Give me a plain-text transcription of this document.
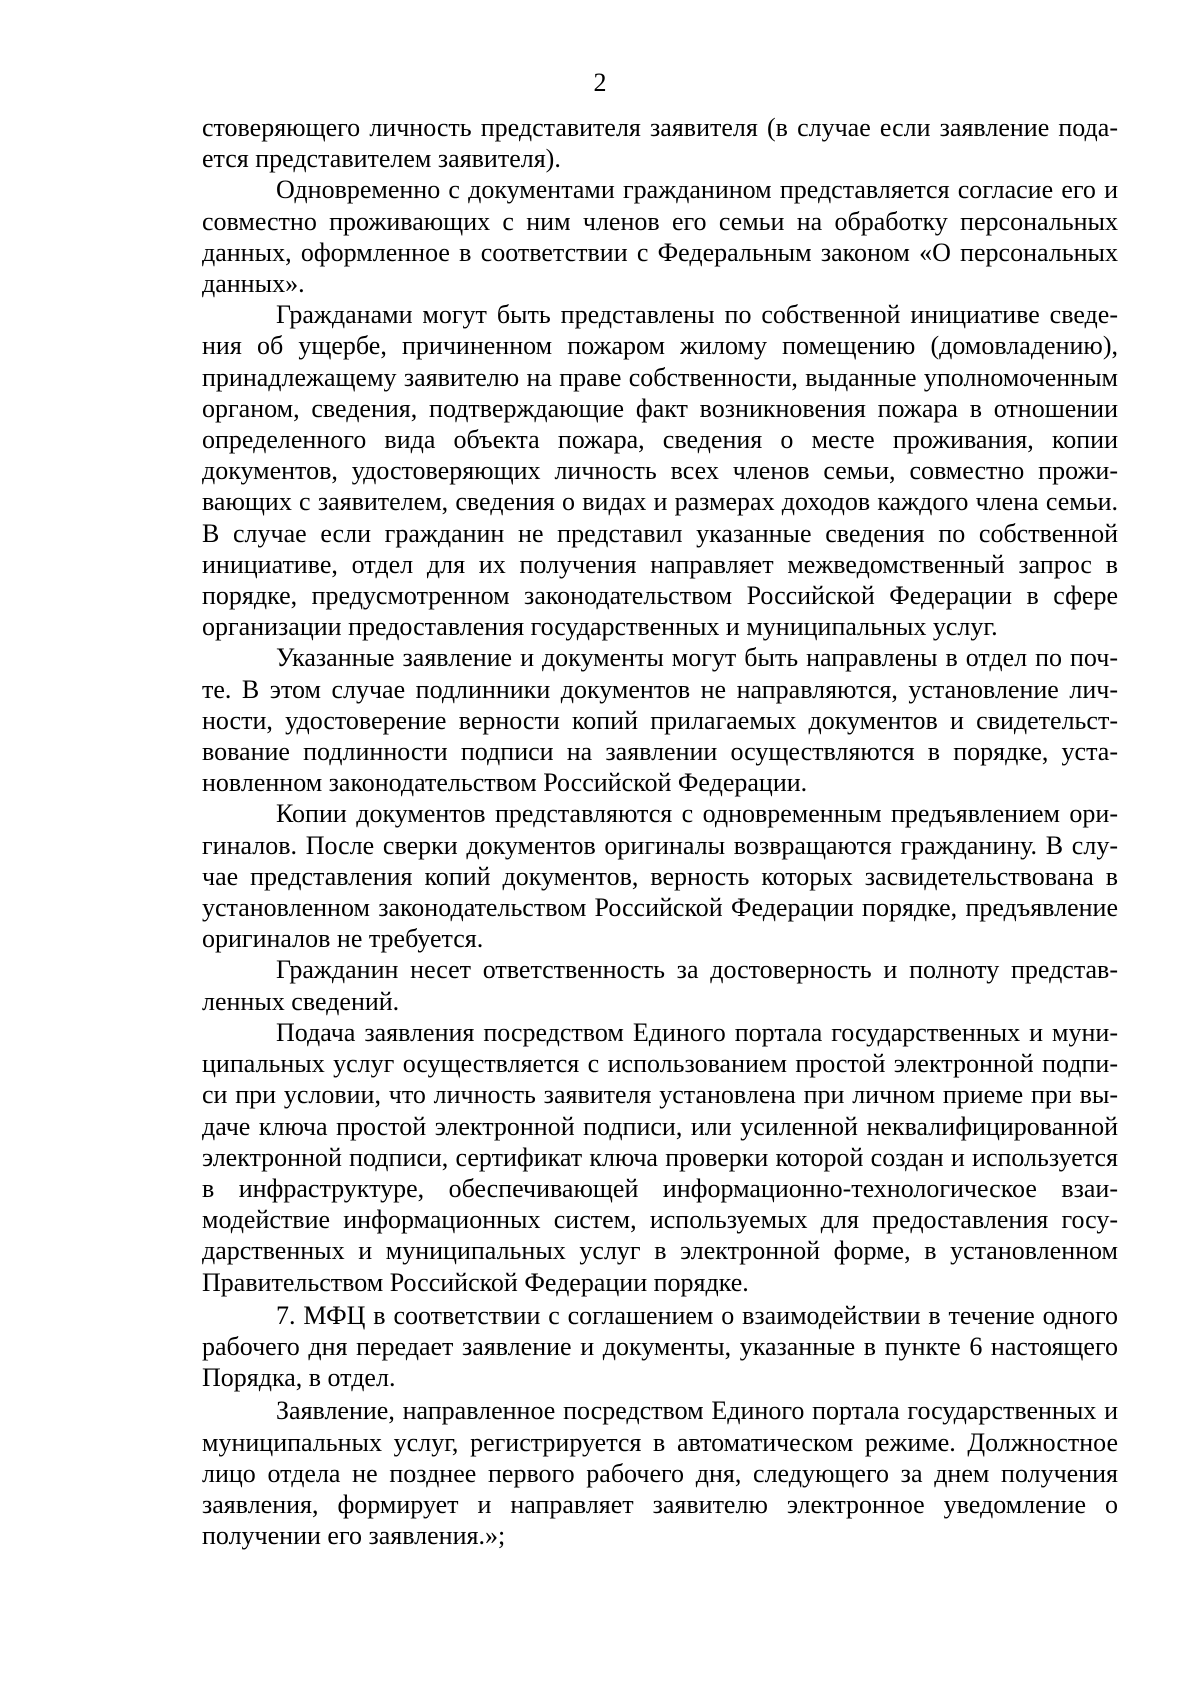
2

стоверяющего личность представителя заявителя (в случае если заявление подается представителем заявителя).

Одновременно с документами гражданином представляется согласие его и совместно проживающих с ним членов его семьи на обработку персональных данных, оформленное в соответствии с Федеральным законом «О персональных данных».

Гражданами могут быть представлены по собственной инициативе сведения об ущербе, причиненном пожаром жилому помещению (домовладению), принадлежащему заявителю на праве собственности, выданные уполномоченным органом, сведения, подтверждающие факт возникновения пожара в отношении определенного вида объекта пожара, сведения о месте проживания, копии документов, удостоверяющих личность всех членов семьи, совместно проживающих с заявителем, сведения о видах и размерах доходов каждого члена семьи. В случае если гражданин не представил указанные сведения по собственной инициативе, отдел для их получения направляет межведомственный запрос в порядке, предусмотренном законодательством Российской Федерации в сфере организации предоставления государственных и муниципальных услуг.

Указанные заявление и документы могут быть направлены в отдел по почте. В этом случае подлинники документов не направляются, установление личности, удостоверение верности копий прилагаемых документов и свидетельствование подлинности подписи на заявлении осуществляются в порядке, установленном законодательством Российской Федерации.

Копии документов представляются с одновременным предъявлением оригиналов. После сверки документов оригиналы возвращаются гражданину. В случае представления копий документов, верность которых засвидетельствована в установленном законодательством Российской Федерации порядке, предъявление оригиналов не требуется.

Гражданин несет ответственность за достоверность и полноту представленных сведений.

Подача заявления посредством Единого портала государственных и муниципальных услуг осуществляется с использованием простой электронной подписи при условии, что личность заявителя установлена при личном приеме при выдаче ключа простой электронной подписи, или усиленной неквалифицированной электронной подписи, сертификат ключа проверки которой создан и используется в инфраструктуре, обеспечивающей информационно-технологическое взаимодействие информационных систем, используемых для предоставления государственных и муниципальных услуг в электронной форме, в установленном Правительством Российской Федерации порядке.

7. МФЦ в соответствии с соглашением о взаимодействии в течение одного рабочего дня передает заявление и документы, указанные в пункте 6 настоящего Порядка, в отдел.

Заявление, направленное посредством Единого портала государственных и муниципальных услуг, регистрируется в автоматическом режиме. Должностное лицо отдела не позднее первого рабочего дня, следующего за днем получения заявления, формирует и направляет заявителю электронное уведомление о получении его заявления.»;
